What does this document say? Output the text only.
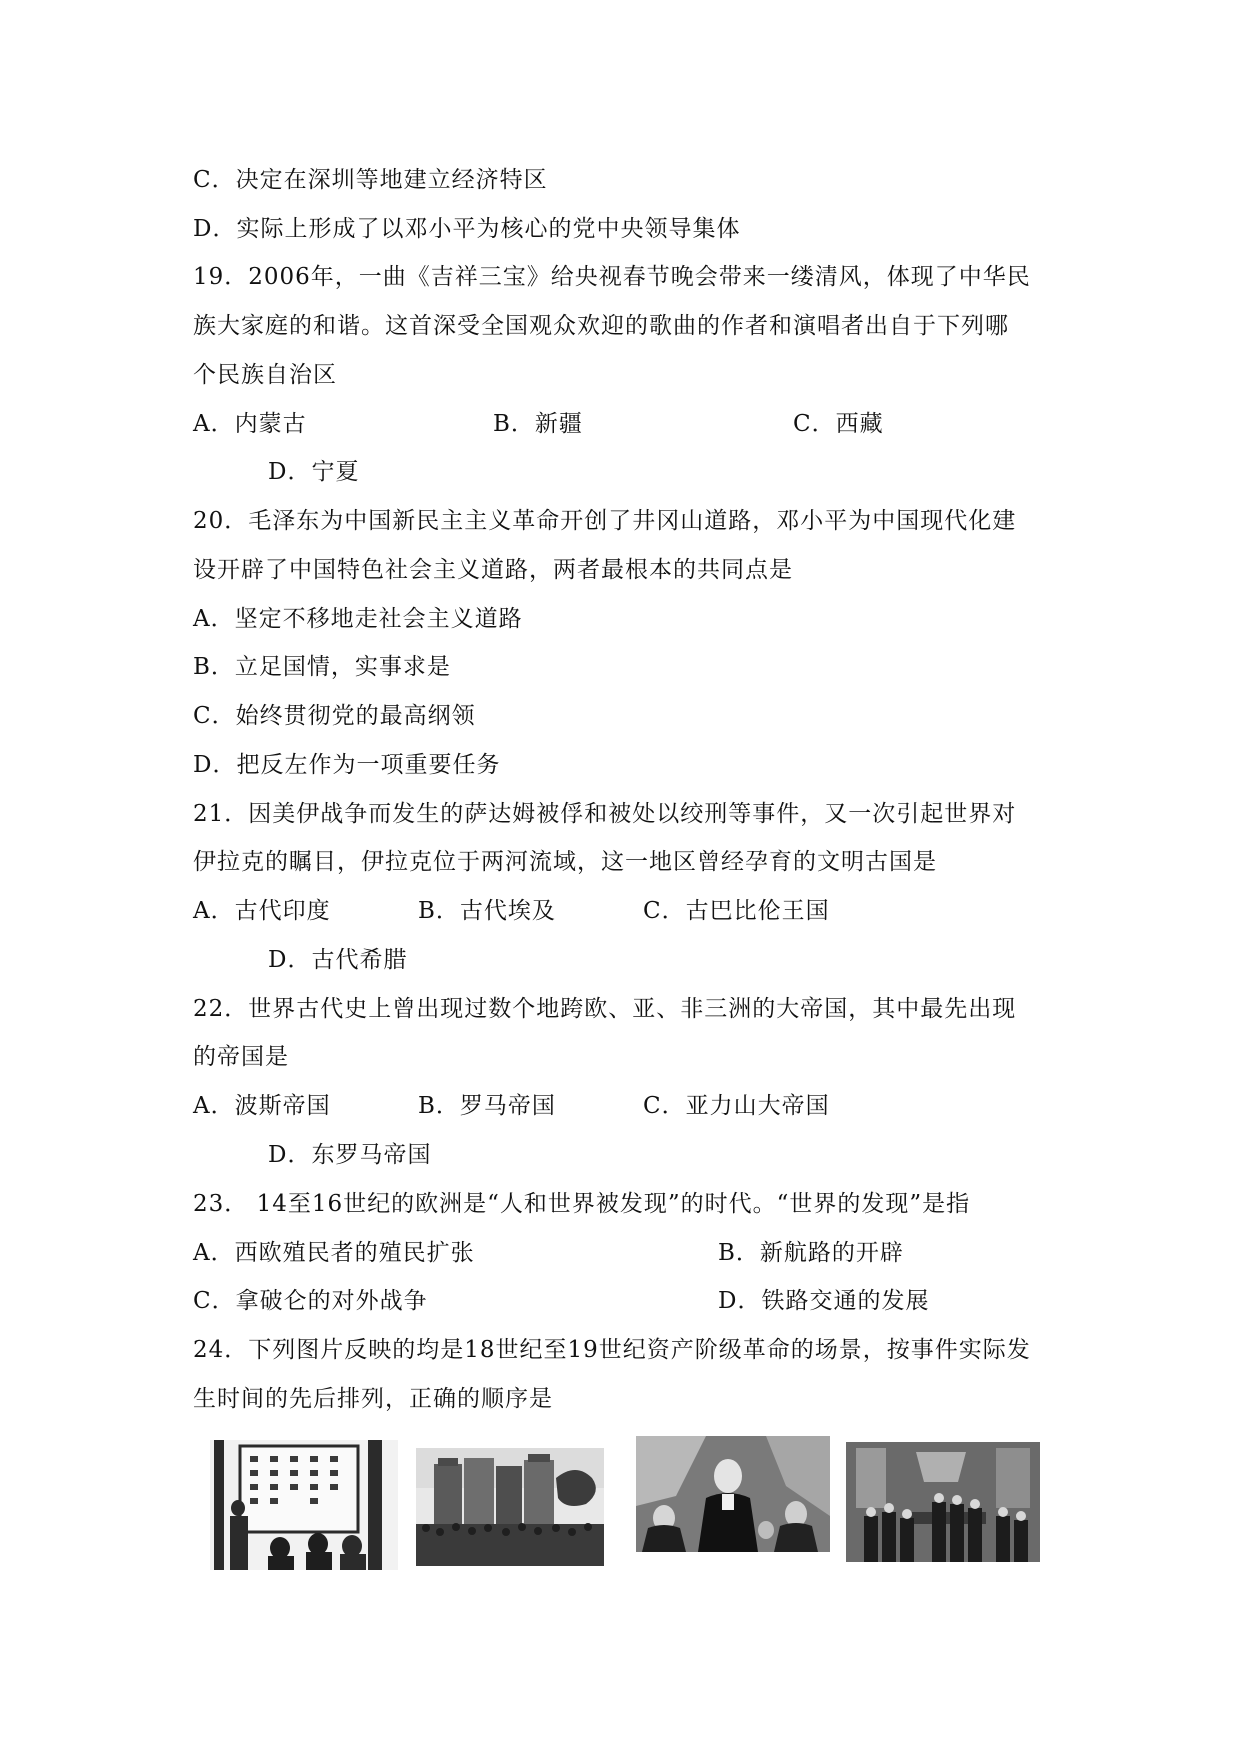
C．决定在深圳等地建立经济特区
D．实际上形成了以邓小平为核心的党中央领导集体
19．2006年，一曲《吉祥三宝》给央视春节晚会带来一缕清风，体现了中华民
族大家庭的和谐。这首深受全国观众欢迎的歌曲的作者和演唱者出自于下列哪
个民族自治区
A．内蒙古	B．新疆	C．西藏
D．宁夏
20．毛泽东为中国新民主主义革命开创了井冈山道路，邓小平为中国现代化建
设开辟了中国特色社会主义道路，两者最根本的共同点是
A．坚定不移地走社会主义道路
B．立足国情，实事求是
C．始终贯彻党的最高纲领
D．把反左作为一项重要任务
21．因美伊战争而发生的萨达姆被俘和被处以绞刑等事件，又一次引起世界对
伊拉克的瞩目，伊拉克位于两河流域，这一地区曾经孕育的文明古国是
A．古代印度	B．古代埃及	C．古巴比伦王国
D．古代希腊
22．世界古代史上曾出现过数个地跨欧、亚、非三洲的大帝国，其中最先出现
的帝国是
A．波斯帝国	B．罗马帝国	C．亚力山大帝国
D．东罗马帝国
23． 14至16世纪的欧洲是“人和世界被发现”的时代。“世界的发现”是指
A．西欧殖民者的殖民扩张	B．新航路的开辟
C．拿破仑的对外战争	D．铁路交通的发展
24．下列图片反映的均是18世纪至19世纪资产阶级革命的场景，按事件实际发
生时间的先后排列，正确的顺序是
